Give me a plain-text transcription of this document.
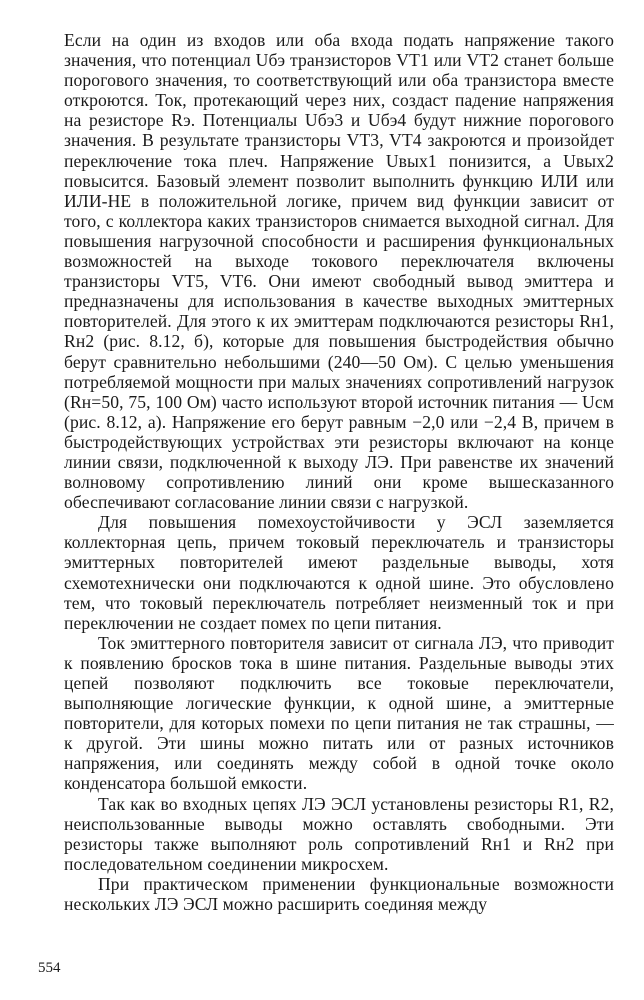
Если на один из входов или оба входа подать напряжение такого значения, что потенциал Uбэ транзисторов VT1 или VT2 станет больше порогового значения, то соответствующий или оба транзистора вместе откроются. Ток, протекающий через них, создаст падение напряжения на резисторе Rэ. Потенциалы Uбэ3 и Uбэ4 будут нижние порогового значения. В результате транзисторы VT3, VT4 закроются и произойдет переключение тока плеч. Напряжение Uвых1 понизится, а Uвых2 повысится. Базовый элемент позволит выполнить функцию ИЛИ или ИЛИ-НЕ в положительной логике, причем вид функции зависит от того, с коллектора каких транзисторов снимается выходной сигнал. Для повышения нагрузочной способности и расширения функциональных возможностей на выходе токового переключателя включены транзисторы VT5, VT6. Они имеют свободный вывод эмиттера и предназначены для использования в качестве выходных эмиттерных повторителей. Для этого к их эмиттерам подключаются резисторы Rн1, Rн2 (рис. 8.12, б), которые для повышения быстродействия обычно берут сравнительно небольшими (240—50 Ом). С целью уменьшения потребляемой мощности при малых значениях сопротивлений нагрузок (Rн=50, 75, 100 Ом) часто используют второй источник питания — Uсм (рис. 8.12, а). Напряжение его берут равным −2,0 или −2,4 В, причем в быстродействующих устройствах эти резисторы включают на конце линии связи, подключенной к выходу ЛЭ. При равенстве их значений волновому сопротивлению линий они кроме вышесказанного обеспечивают согласование линии связи с нагрузкой.

Для повышения помехоустойчивости у ЭСЛ заземляется коллекторная цепь, причем токовый переключатель и транзисторы эмиттерных повторителей имеют раздельные выводы, хотя схемотехнически они подключаются к одной шине. Это обусловлено тем, что токовый переключатель потребляет неизменный ток и при переключении не создает помех по цепи питания.

Ток эмиттерного повторителя зависит от сигнала ЛЭ, что приводит к появлению бросков тока в шине питания. Раздельные выводы этих цепей позволяют подключить все токовые переключатели, выполняющие логические функции, к одной шине, а эмиттерные повторители, для которых помехи по цепи питания не так страшны, — к другой. Эти шины можно питать или от разных источников напряжения, или соединять между собой в одной точке около конденсатора большой емкости.

Так как во входных цепях ЛЭ ЭСЛ установлены резисторы R1, R2, неиспользованные выводы можно оставлять свободными. Эти резисторы также выполняют роль сопротивлений Rн1 и Rн2 при последовательном соединении микросхем.

При практическом применении функциональные возможности нескольких ЛЭ ЭСЛ можно расширить соединяя между

554
